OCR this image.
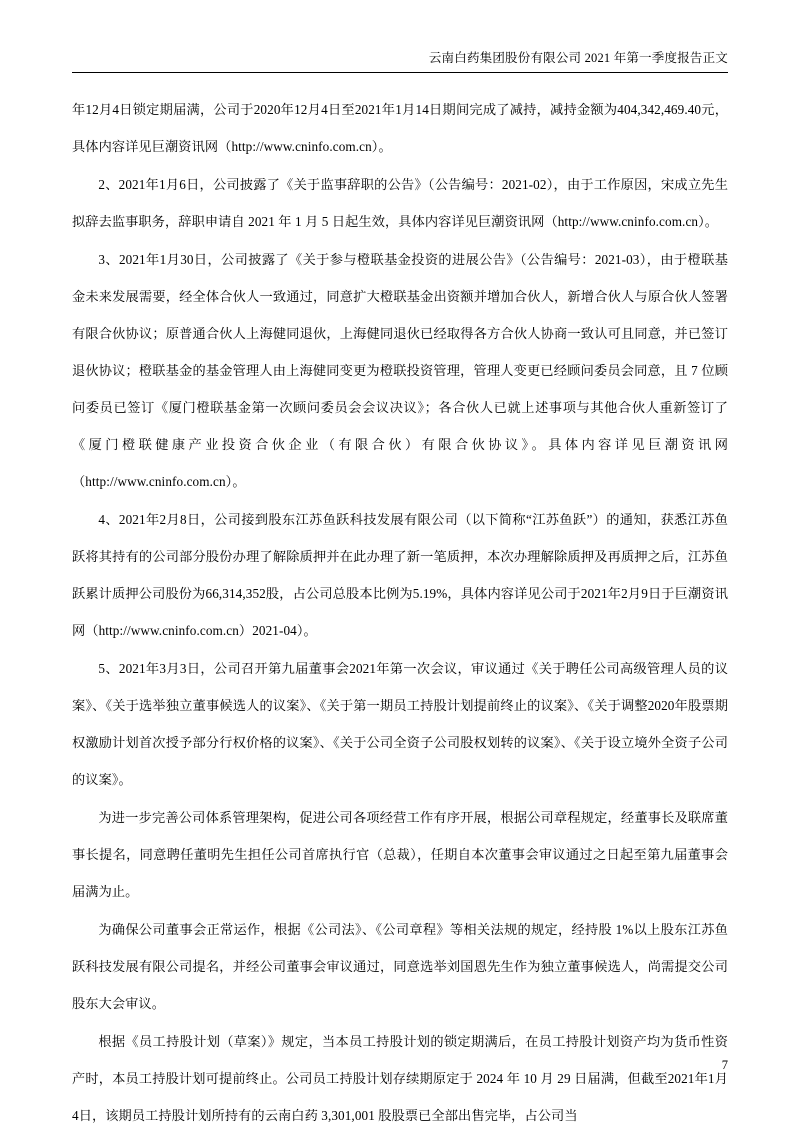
云南白药集团股份有限公司 2021 年第一季度报告正文

年12月4日锁定期届满，公司于2020年12月4日至2021年1月14日期间完成了减持，减持金额为404,342,469.40元，具体内容详见巨潮资讯网（http://www.cninfo.com.cn）。

2、2021年1月6日，公司披露了《关于监事辞职的公告》（公告编号：2021-02），由于工作原因，宋成立先生拟辞去监事职务，辞职申请自 2021 年 1 月 5 日起生效，具体内容详见巨潮资讯网（http://www.cninfo.com.cn）。

3、2021年1月30日，公司披露了《关于参与橙联基金投资的进展公告》（公告编号：2021-03），由于橙联基金未来发展需要，经全体合伙人一致通过，同意扩大橙联基金出资额并增加合伙人，新增合伙人与原合伙人签署有限合伙协议；原普通合伙人上海健同退伙，上海健同退伙已经取得各方合伙人协商一致认可且同意，并已签订退伙协议；橙联基金的基金管理人由上海健同变更为橙联投资管理，管理人变更已经顾问委员会同意，且 7 位顾问委员已签订《厦门橙联基金第一次顾问委员会会议决议》；各合伙人已就上述事项与其他合伙人重新签订了《厦门橙联健康产业投资合伙企业（有限合伙）有限合伙协议》。具体内容详见巨潮资讯网（http://www.cninfo.com.cn）。

4、2021年2月8日，公司接到股东江苏鱼跃科技发展有限公司（以下简称“江苏鱼跃”）的通知，获悉江苏鱼跃将其持有的公司部分股份办理了解除质押并在此办理了新一笔质押，本次办理解除质押及再质押之后，江苏鱼跃累计质押公司股份为66,314,352股，占公司总股本比例为5.19%，具体内容详见公司于2021年2月9日于巨潮资讯网（http://www.cninfo.com.cn）2021-04）。

5、2021年3月3日，公司召开第九届董事会2021年第一次会议，审议通过《关于聘任公司高级管理人员的议案》、《关于选举独立董事候选人的议案》、《关于第一期员工持股计划提前终止的议案》、《关于调整2020年股票期权激励计划首次授予部分行权价格的议案》、《关于公司全资子公司股权划转的议案》、《关于设立境外全资子公司的议案》。

为进一步完善公司体系管理架构，促进公司各项经营工作有序开展，根据公司章程规定，经董事长及联席董事长提名，同意聘任董明先生担任公司首席执行官（总裁），任期自本次董事会审议通过之日起至第九届董事会届满为止。

为确保公司董事会正常运作，根据《公司法》、《公司章程》等相关法规的规定，经持股 1%以上股东江苏鱼跃科技发展有限公司提名，并经公司董事会审议通过，同意选举刘国恩先生作为独立董事候选人，尚需提交公司股东大会审议。

根据《员工持股计划（草案）》规定，当本员工持股计划的锁定期满后，在员工持股计划资产均为货币性资产时，本员工持股计划可提前终止。公司员工持股计划存续期原定于 2024 年 10 月 29 日届满，但截至2021年1月4日，该期员工持股计划所持有的云南白药 3,301,001 股股票已全部出售完毕，占公司当

7
